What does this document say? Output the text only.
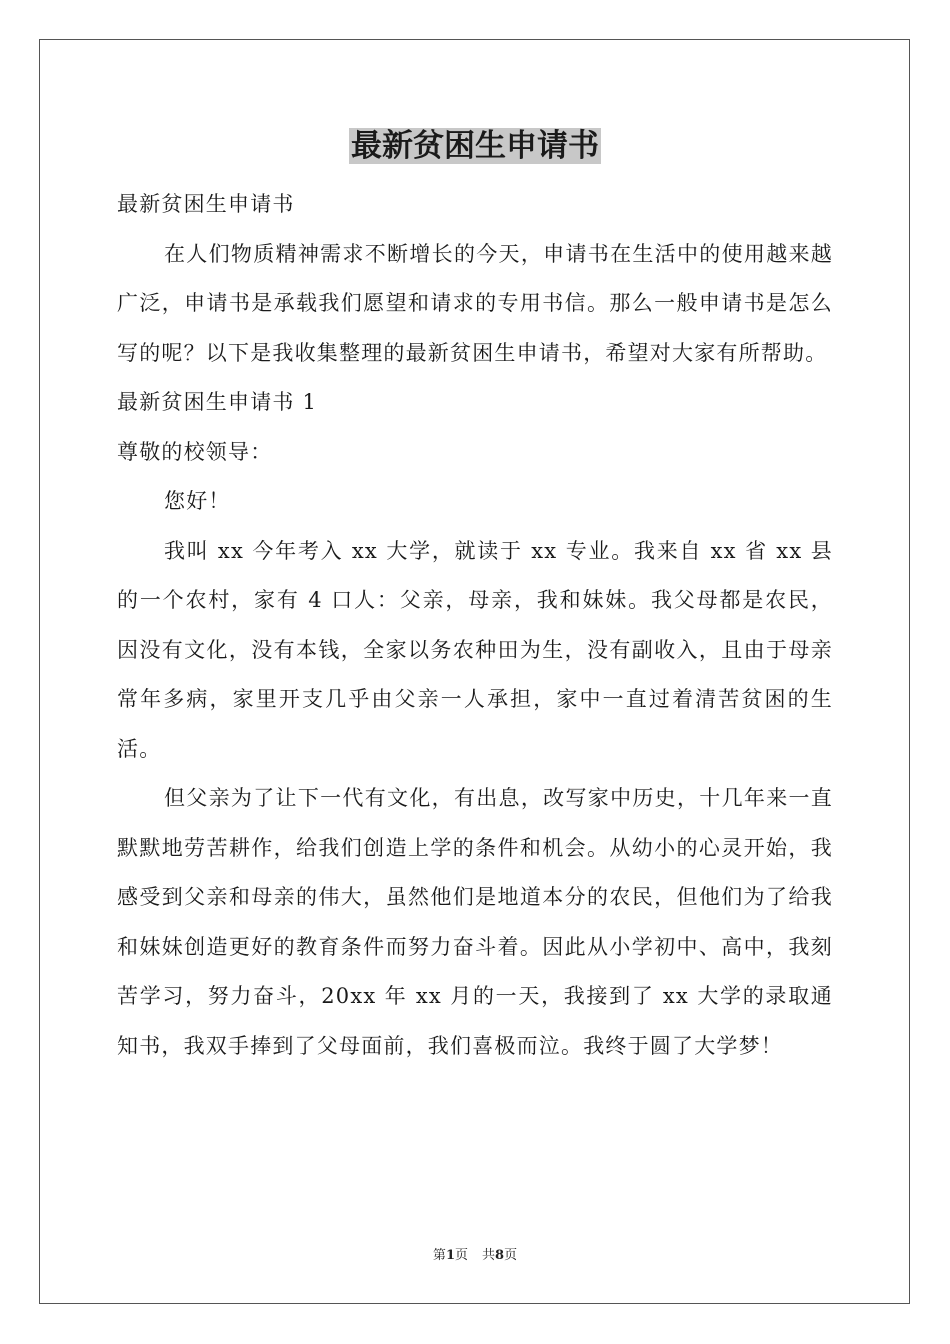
最新贫困生申请书

最新贫困生申请书

在人们物质精神需求不断增长的今天，申请书在生活中的使用越来越广泛，申请书是承载我们愿望和请求的专用书信。那么一般申请书是怎么写的呢？以下是我收集整理的最新贫困生申请书，希望对大家有所帮助。

最新贫困生申请书 1

尊敬的校领导：

您好！

我叫 xx 今年考入 xx 大学，就读于 xx 专业。我来自 xx 省 xx 县的一个农村，家有 4 口人：父亲，母亲，我和妹妹。我父母都是农民，因没有文化，没有本钱，全家以务农种田为生，没有副收入，且由于母亲常年多病，家里开支几乎由父亲一人承担，家中一直过着清苦贫困的生活。

但父亲为了让下一代有文化，有出息，改写家中历史，十几年来一直默默地劳苦耕作，给我们创造上学的条件和机会。从幼小的心灵开始，我感受到父亲和母亲的伟大，虽然他们是地道本分的农民，但他们为了给我和妹妹创造更好的教育条件而努力奋斗着。因此从小学初中、高中，我刻苦学习，努力奋斗，20xx 年 xx 月的一天，我接到了 xx 大学的录取通知书，我双手捧到了父母面前，我们喜极而泣。我终于圆了大学梦！

第1页 共8页
